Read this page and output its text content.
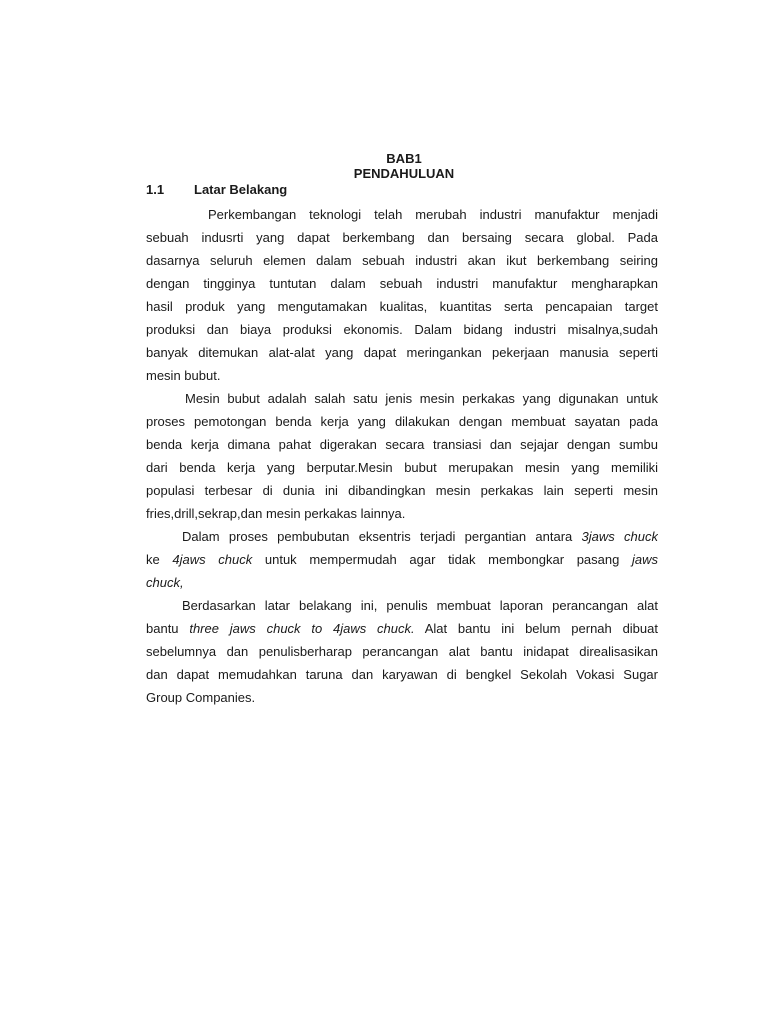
BAB1
PENDAHULUAN
1.1 Latar Belakang
Perkembangan teknologi telah merubah industri manufaktur menjadi
sebuah indusrti yang dapat berkembang dan bersaing secara global. Pada
dasarnya seluruh elemen dalam sebuah industri akan ikut berkembang seiring
dengan tingginya tuntutan dalam sebuah industri manufaktur mengharapkan
hasil produk yang mengutamakan kualitas, kuantitas serta pencapaian target
produksi dan biaya produksi ekonomis. Dalam bidang industri misalnya,sudah
banyak ditemukan alat-alat yang dapat meringankan pekerjaan manusia seperti
mesin bubut.
Mesin bubut adalah salah satu jenis mesin perkakas yang digunakan untuk
proses pemotongan benda kerja yang dilakukan dengan membuat sayatan pada
benda kerja dimana pahat digerakan secara transiasi dan sejajar dengan sumbu
dari benda kerja yang berputar.Mesin bubut merupakan mesin yang memiliki
populasi terbesar di dunia ini dibandingkan mesin perkakas lain seperti mesin
fries,drill,sekrap,dan mesin perkakas lainnya.
Dalam proses pembubutan eksentris terjadi pergantian antara 3jaws chuck
ke 4jaws chuck untuk mempermudah agar tidak membongkar pasang jaws
chuck,
Berdasarkan latar belakang ini, penulis membuat laporan perancangan alat
bantu three jaws chuck to 4jaws chuck. Alat bantu ini belum pernah dibuat
sebelumnya dan penulisberharap perancangan alat bantu inidapat direalisasikan
dan dapat memudahkan taruna dan karyawan di bengkel Sekolah Vokasi Sugar
Group Companies.
